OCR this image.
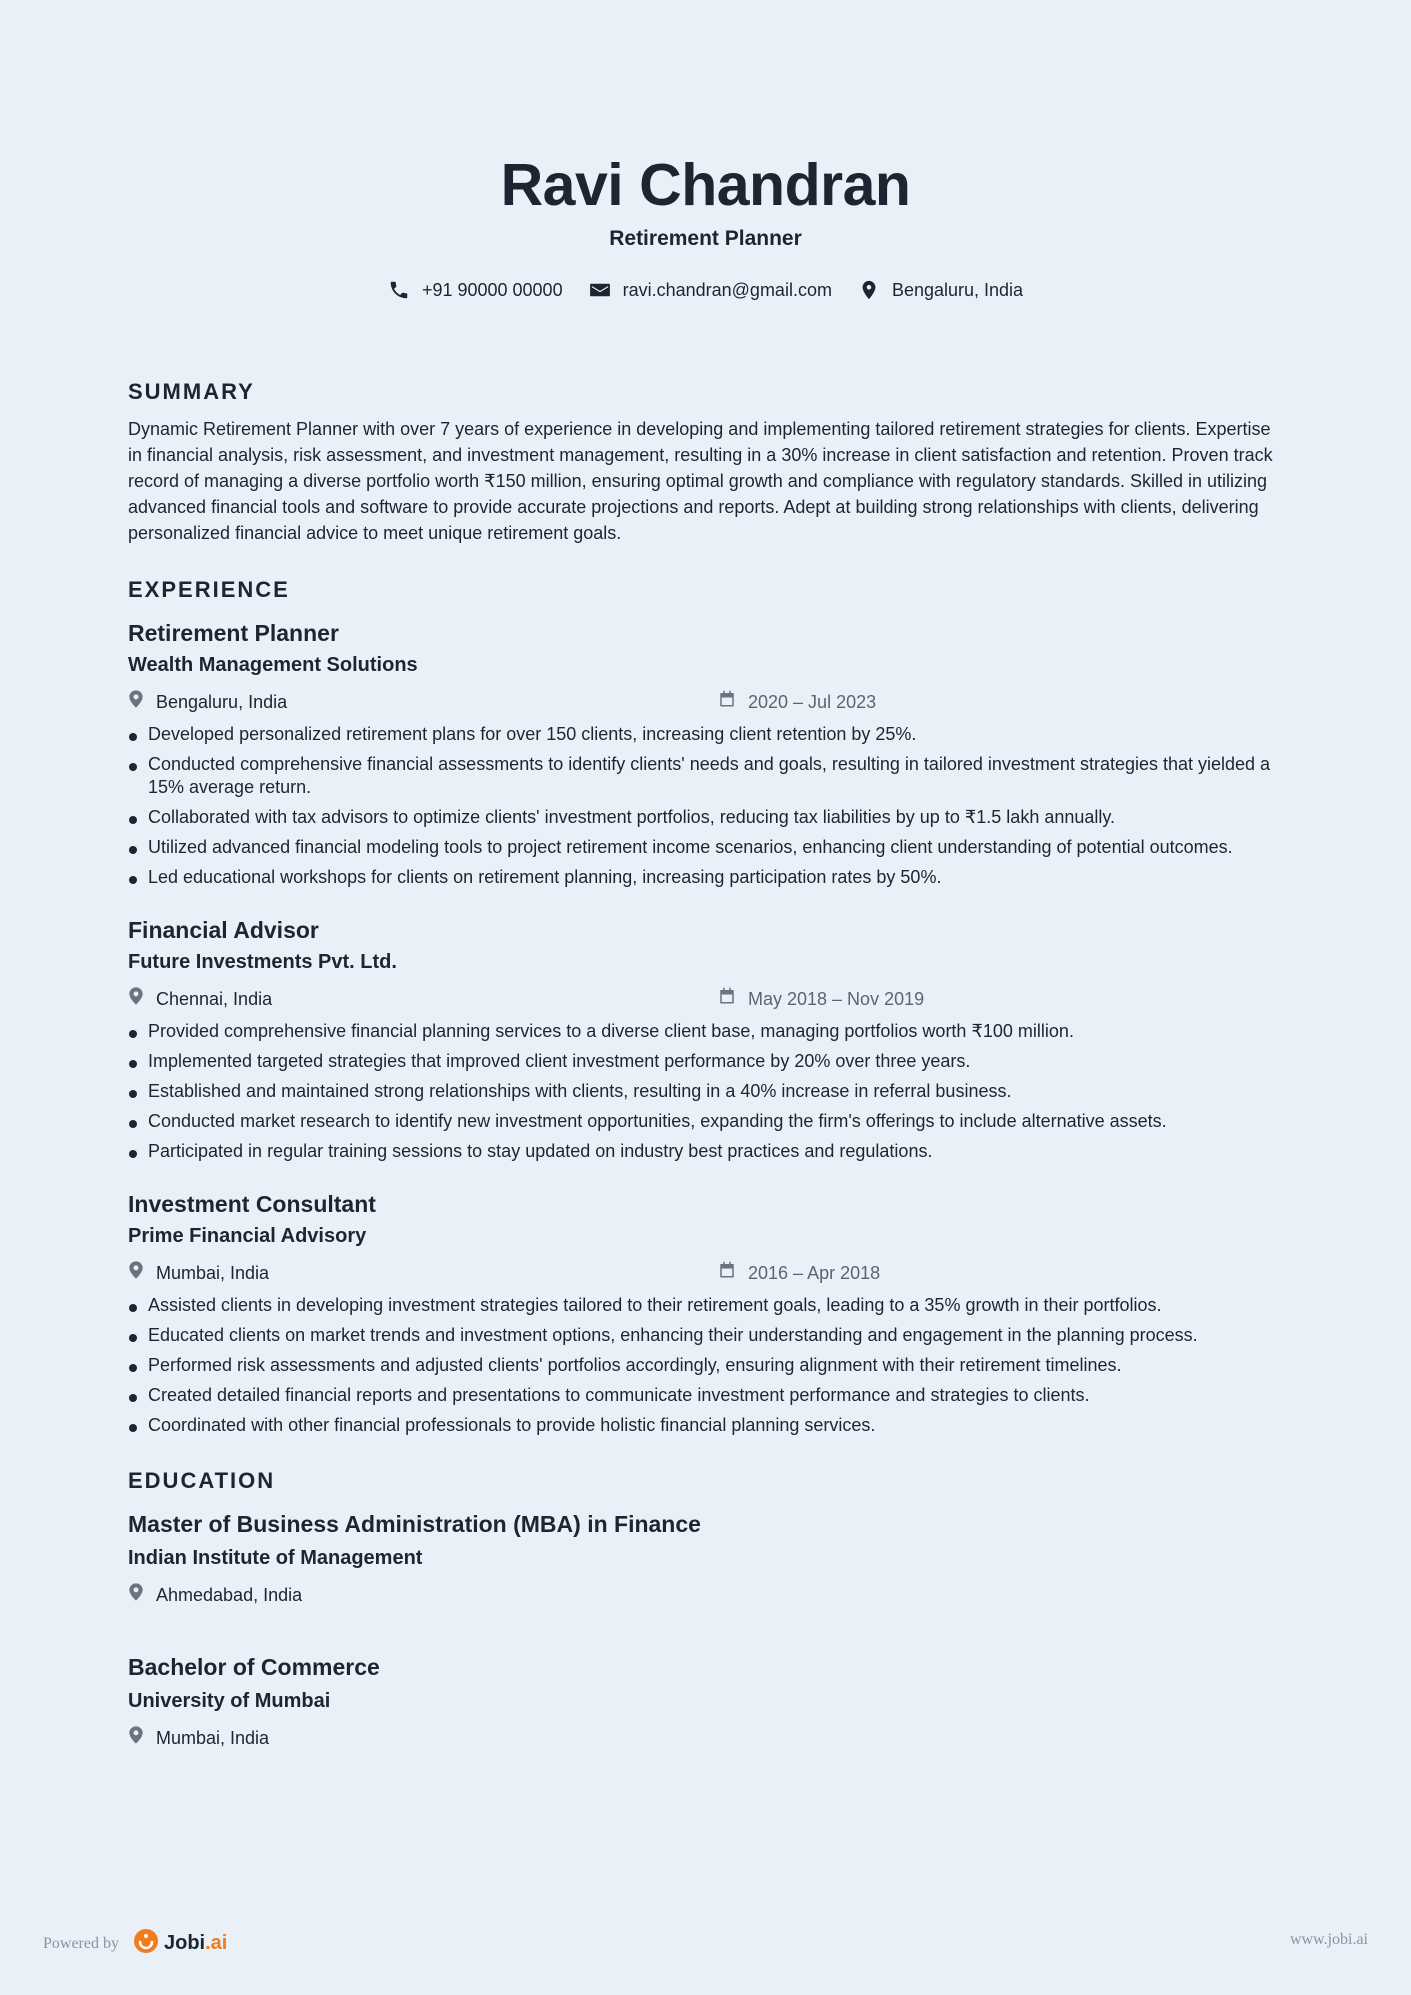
Ravi Chandran
Retirement Planner
+91 90000 00000	ravi.chandran@gmail.com	Bengaluru, India
SUMMARY
Dynamic Retirement Planner with over 7 years of experience in developing and implementing tailored retirement strategies for clients. Expertise in financial analysis, risk assessment, and investment management, resulting in a 30% increase in client satisfaction and retention. Proven track record of managing a diverse portfolio worth ₹150 million, ensuring optimal growth and compliance with regulatory standards. Skilled in utilizing advanced financial tools and software to provide accurate projections and reports. Adept at building strong relationships with clients, delivering personalized financial advice to meet unique retirement goals.
EXPERIENCE
Retirement Planner
Wealth Management Solutions
Bengaluru, India	2020 – Jul 2023
Developed personalized retirement plans for over 150 clients, increasing client retention by 25%.
Conducted comprehensive financial assessments to identify clients' needs and goals, resulting in tailored investment strategies that yielded a 15% average return.
Collaborated with tax advisors to optimize clients' investment portfolios, reducing tax liabilities by up to ₹1.5 lakh annually.
Utilized advanced financial modeling tools to project retirement income scenarios, enhancing client understanding of potential outcomes.
Led educational workshops for clients on retirement planning, increasing participation rates by 50%.
Financial Advisor
Future Investments Pvt. Ltd.
Chennai, India	May 2018 – Nov 2019
Provided comprehensive financial planning services to a diverse client base, managing portfolios worth ₹100 million.
Implemented targeted strategies that improved client investment performance by 20% over three years.
Established and maintained strong relationships with clients, resulting in a 40% increase in referral business.
Conducted market research to identify new investment opportunities, expanding the firm's offerings to include alternative assets.
Participated in regular training sessions to stay updated on industry best practices and regulations.
Investment Consultant
Prime Financial Advisory
Mumbai, India	2016 – Apr 2018
Assisted clients in developing investment strategies tailored to their retirement goals, leading to a 35% growth in their portfolios.
Educated clients on market trends and investment options, enhancing their understanding and engagement in the planning process.
Performed risk assessments and adjusted clients' portfolios accordingly, ensuring alignment with their retirement timelines.
Created detailed financial reports and presentations to communicate investment performance and strategies to clients.
Coordinated with other financial professionals to provide holistic financial planning services.
EDUCATION
Master of Business Administration (MBA) in Finance
Indian Institute of Management
Ahmedabad, India
Bachelor of Commerce
University of Mumbai
Mumbai, India
Powered by Jobi.ai	www.jobi.ai
